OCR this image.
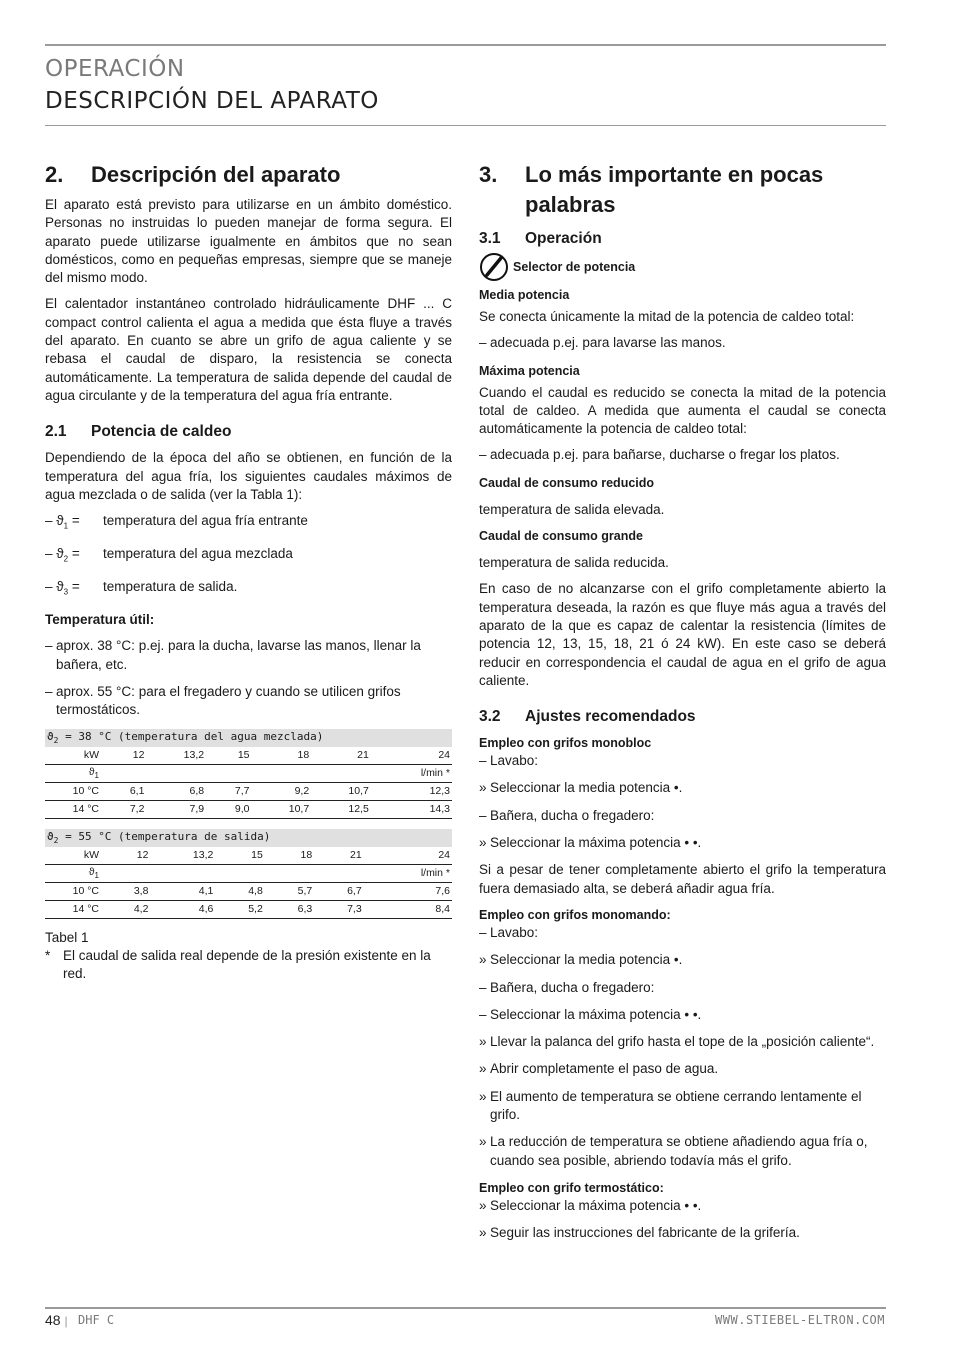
OPERACIÓN
DESCRIPCIÓN DEL APARATO
2.	Descripción del aparato

El aparato está previsto para utilizarse en un ámbito doméstico. Personas no instruidas lo pueden manejar de forma segura. El aparato puede utilizarse igualmente en ámbitos que no sean domésticos, como en pequeñas empresas, siempre que se maneje del mismo modo.

El calentador instantáneo controlado hidráulicamente DHF ... C compact control calienta el agua a medida que ésta fluye a través del aparato. En cuanto se abre un grifo de agua caliente y se rebasa el caudal de disparo, la resistencia se conecta automáticamente. La temperatura de salida depende del caudal de agua circulante y de la temperatura del agua fría entrante.

2.1	Potencia de caldeo

Dependiendo de la época del año se obtienen, en función de la temperatura del agua fría, los siguientes caudales máximos de agua mezclada o de salida (ver la Tabla 1):

– $ϑ_1$ =	temperatura del agua fría entrante
– $ϑ_2$ =	temperatura del agua mezclada
– $ϑ_3$ =	temperatura de salida.

Temperatura útil:

– aprox. 38 °C: p.ej. para la ducha, lavarse las manos, llenar la bañera, etc.
– aprox. 55 °C: para el fregadero y cuando se utilicen grifos termostáticos.
$ϑ_2 = 38$ °C (temperatura del agua mezclada)						
kW	12	13,2	15	18	21	24
$ϑ_1$						l/min *
10 °C	6,1	6,8	7,7	9,2	10,7	12,3
14 °C	7,2	7,9	9,0	10,7	12,5	14,3
$ϑ_2 = 55$ °C (temperatura de salida)						
kW	12	13,2	15	18	21	24
$ϑ_1$						l/min *
10 °C	3,8	4,1	4,8	5,7	6,7	7,6
14 °C	4,2	4,6	5,2	6,3	7,3	8,4

Tabel 1

* El caudal de salida real depende de la presión existente en la red.
3.	Lo más importante en pocas palabras
3.1	Operación
Selector de potencia
Media potencia

Se conecta únicamente la mitad de la potencia de caldeo total:

– adecuada p.ej. para lavarse las manos.
Máxima potencia

Cuando el caudal es reducido se conecta la mitad de la potencia total de caldeo. A medida que aumenta el caudal se conecta automáticamente la potencia de caldeo total:

– adecuada p.ej. para bañarse, ducharse o fregar los platos.
Caudal de consumo reducido

temperatura de salida elevada.

Caudal de consumo grande

temperatura de salida reducida.

En caso de no alcanzarse con el grifo completamente abierto la temperatura deseada, la razón es que fluye más agua a través del aparato de la que es capaz de calentar la resistencia (límites de potencia 12, 13, 15, 18, 21 ó 24 kW). En este caso se deberá reducir en correspondencia el caudal de agua en el grifo de agua caliente.

3.2	Ajustes recomendados
Empleo con grifos monobloc
– Lavabo:
» Seleccionar la media potencia •.
– Bañera, ducha o fregadero:
» Seleccionar la máxima potencia • •.

Si a pesar de tener completamente abierto el grifo la temperatura fuera demasiado alta, se deberá añadir agua fría.

Empleo con grifos monomando:
– Lavabo:
» Seleccionar la media potencia •.
– Bañera, ducha o fregadero:
– Seleccionar la máxima potencia • •.
» Llevar la palanca del grifo hasta el tope de la „posición caliente“.
» Abrir completamente el paso de agua.
» El aumento de temperatura se obtiene cerrando lentamente el grifo.
» La reducción de temperatura se obtiene añadiendo agua fría o, cuando sea posible, abriendo todavía más el grifo.
Empleo con grifo termostático:
» Seleccionar la máxima potencia • •.
» Seguir las instrucciones del fabricante de la grifería.
48 | DHF C	WWW.STIEBEL-ELTRON.COM
